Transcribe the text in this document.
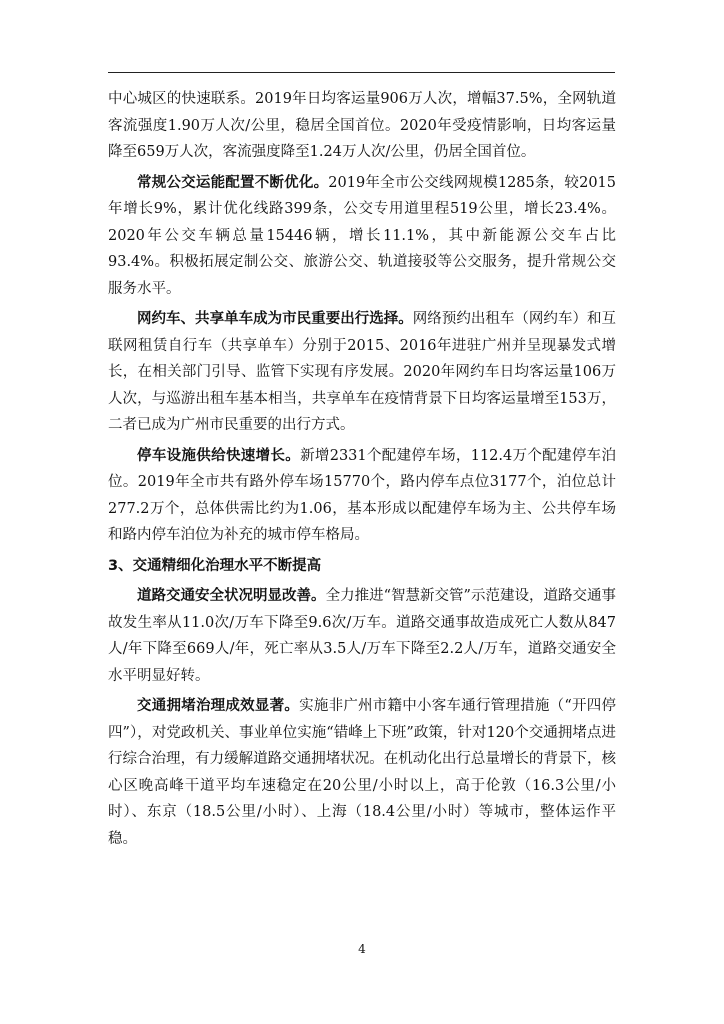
中心城区的快速联系。2019年日均客运量906万人次，增幅37.5%，全网轨道客流强度1.90万人次/公里，稳居全国首位。2020年受疫情影响，日均客运量降至659万人次，客流强度降至1.24万人次/公里，仍居全国首位。

常规公交运能配置不断优化。2019年全市公交线网规模1285条，较2015年增长9%，累计优化线路399条，公交专用道里程519公里，增长23.4%。2020年公交车辆总量15446辆，增长11.1%，其中新能源公交车占比93.4%。积极拓展定制公交、旅游公交、轨道接驳等公交服务，提升常规公交服务水平。

网约车、共享单车成为市民重要出行选择。网络预约出租车（网约车）和互联网租赁自行车（共享单车）分别于2015、2016年进驻广州并呈现暴发式增长，在相关部门引导、监管下实现有序发展。2020年网约车日均客运量106万人次，与巡游出租车基本相当，共享单车在疫情背景下日均客运量增至153万，二者已成为广州市民重要的出行方式。

停车设施供给快速增长。新增2331个配建停车场，112.4万个配建停车泊位。2019年全市共有路外停车场15770个，路内停车点位3177个，泊位总计277.2万个，总体供需比约为1.06，基本形成以配建停车场为主、公共停车场和路内停车泊位为补充的城市停车格局。

3、交通精细化治理水平不断提高

道路交通安全状况明显改善。全力推进“智慧新交管”示范建设，道路交通事故发生率从11.0次/万车下降至9.6次/万车。道路交通事故造成死亡人数从847人/年下降至669人/年，死亡率从3.5人/万车下降至2.2人/万车，道路交通安全水平明显好转。

交通拥堵治理成效显著。实施非广州市籍中小客车通行管理措施（“开四停四”），对党政机关、事业单位实施“错峰上下班”政策，针对120个交通拥堵点进行综合治理，有力缓解道路交通拥堵状况。在机动化出行总量增长的背景下，核心区晚高峰干道平均车速稳定在20公里/小时以上，高于伦敦（16.3公里/小时）、东京（18.5公里/小时）、上海（18.4公里/小时）等城市，整体运作平稳。

4
